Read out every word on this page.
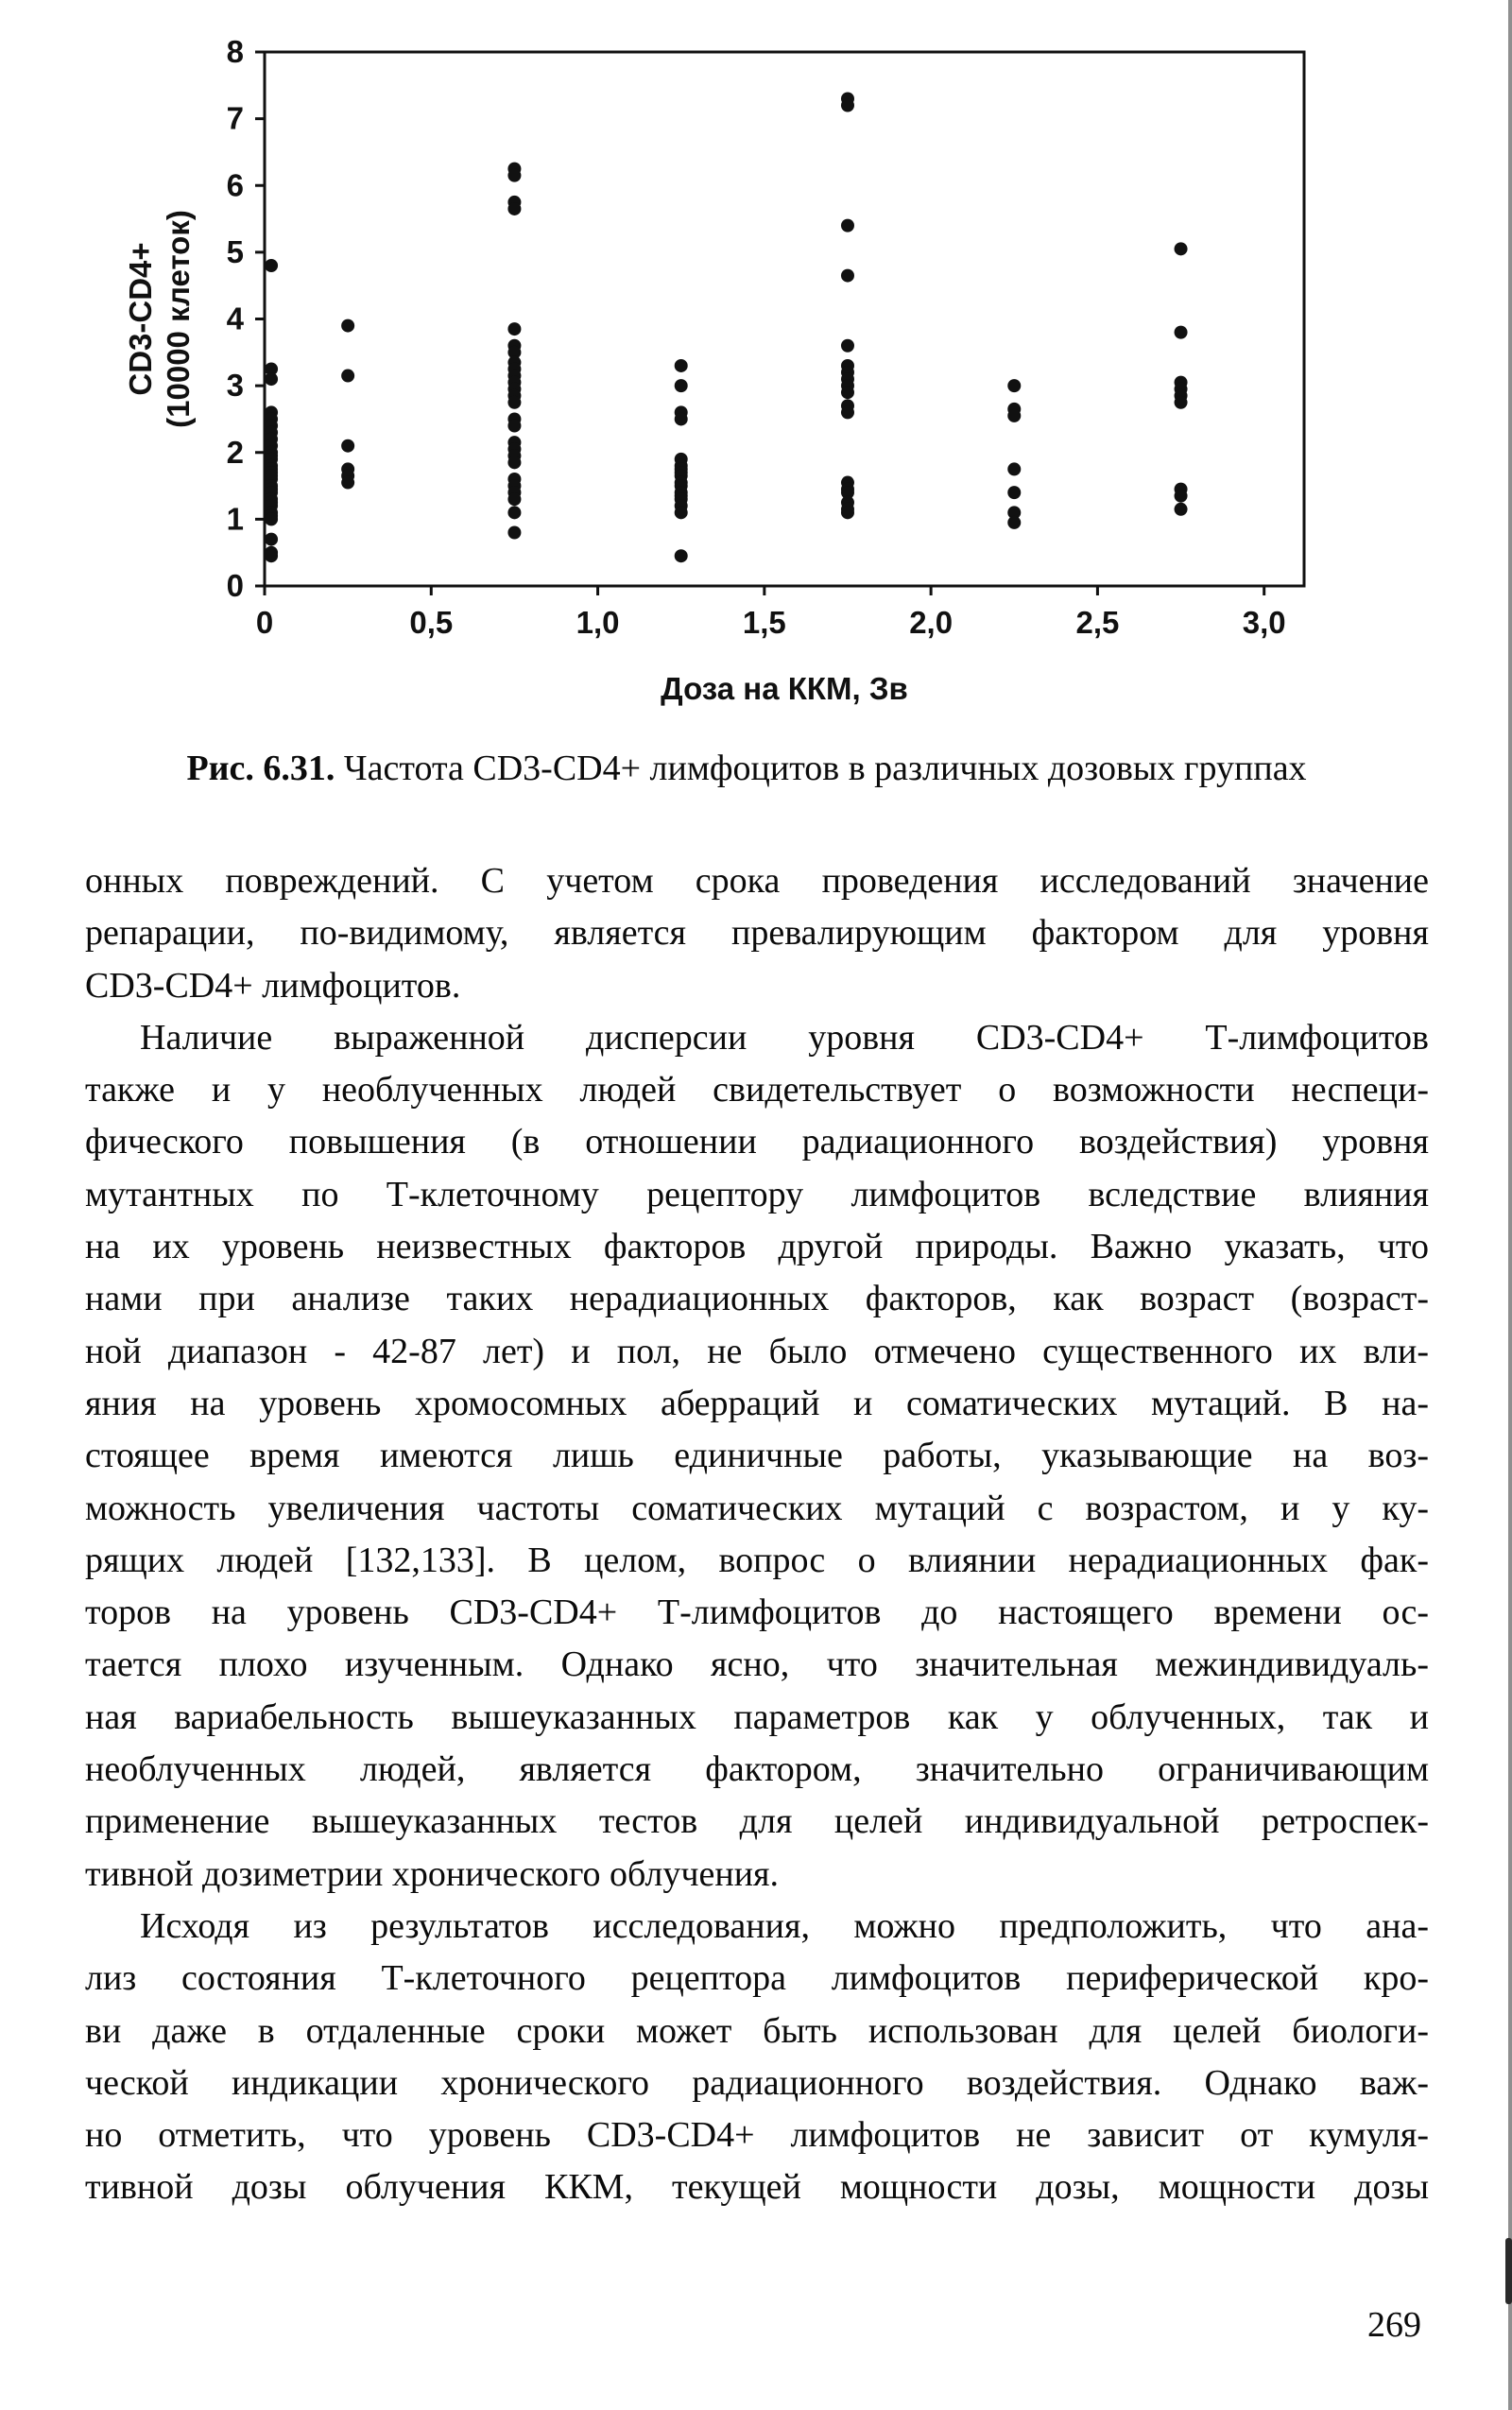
0
1
2
3
4
5
6
7
8
0	0,5	1,0	1,5	2,0	2,5	3,0
CD3-CD4+ (10000 клеток)
Доза на ККМ, Зв
Рис. 6.31. Частота CD3-CD4+ лимфоцитов в различных дозовых группах
онных повреждений. С учетом срока проведения исследований значение
репарации, по-видимому, является превалирующим фактором для уровня
CD3-CD4+ лимфоцитов.
Наличие выраженной дисперсии уровня CD3-CD4+ Т-лимфоцитов
также и у необлученных людей свидетельствует о возможности неспеци-
фического повышения (в отношении радиационного воздействия) уровня
мутантных по Т-клеточному рецептору лимфоцитов вследствие влияния
на их уровень неизвестных факторов другой природы. Важно указать, что
нами при анализе таких нерадиационных факторов, как возраст (возраст-
ной диапазон - 42-87 лет) и пол, не было отмечено существенного их вли-
яния на уровень хромосомных аберраций и соматических мутаций. В на-
стоящее время имеются лишь единичные работы, указывающие на воз-
можность увеличения частоты соматических мутаций с возрастом, и у ку-
рящих людей [132,133]. В целом, вопрос о влиянии нерадиационных фак-
торов на уровень CD3-CD4+ Т-лимфоцитов до настоящего времени ос-
тается плохо изученным. Однако ясно, что значительная межиндивидуаль-
ная вариабельность вышеуказанных параметров как у облученных, так и
необлученных людей, является фактором, значительно ограничивающим
применение вышеуказанных тестов для целей индивидуальной ретроспек-
тивной дозиметрии хронического облучения.
Исходя из результатов исследования, можно предположить, что ана-
лиз состояния Т-клеточного рецептора лимфоцитов периферической кро-
ви даже в отдаленные сроки может быть использован для целей биологи-
ческой индикации хронического радиационного воздействия. Однако важ-
но отметить, что уровень CD3-CD4+ лимфоцитов не зависит от кумуля-
тивной дозы облучения ККМ, текущей мощности дозы, мощности дозы
269
